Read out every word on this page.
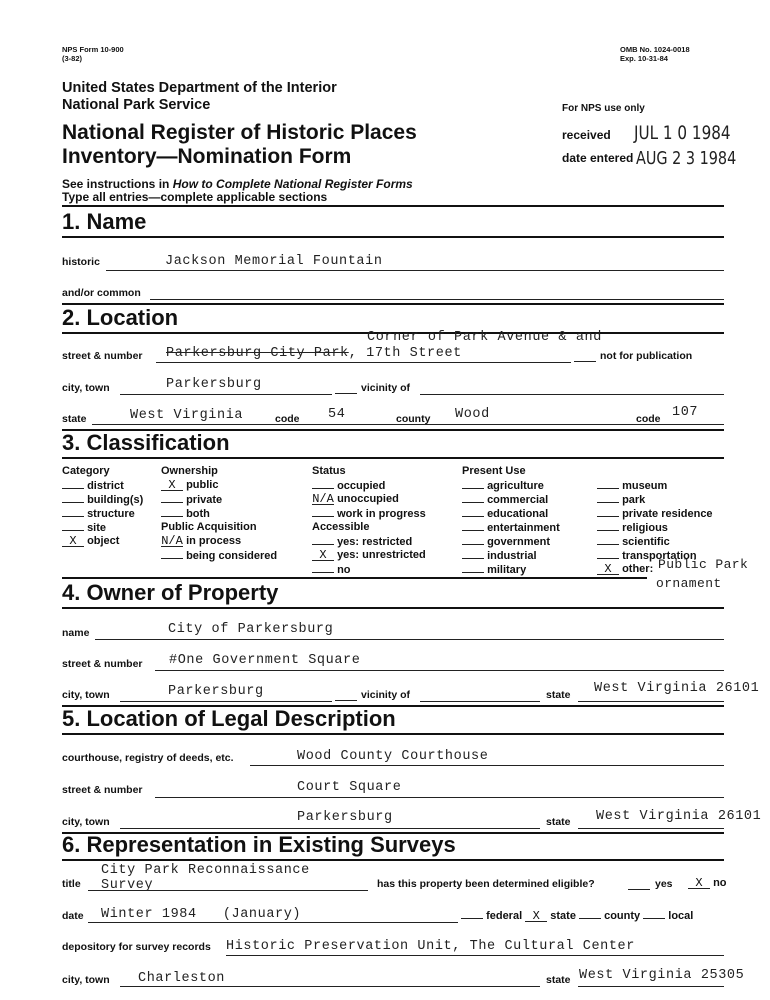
NPS Form 10-900
(3-82)
OMB No. 1024-0018
Exp. 10-31-84
United States Department of the Interior
National Park Service
National Register of Historic Places
Inventory—Nomination Form
For NPS use only
received JUL 1 0 1984
date entered AUG 2 3 1984
See instructions in How to Complete National Register Forms
Type all entries—complete applicable sections
1. Name
historic	Jackson Memorial Fountain
and/or common
2. Location
street & number
Corner of Park Avenue & and
Parkersburg City Park, 17th Street	not for publication
city, town	Parkersburg	vicinity of
state	West Virginia	code 54	county Wood	code 107
3. Classification
Category
district
building(s)
structure
site
X object
Ownership
X public
private
both
Public Acquisition
N/A in process
being considered
Status
occupied
N/A unoccupied
work in progress
Accessible
yes: restricted
X yes: unrestricted
no
Present Use
agriculture
commercial
educational
entertainment
government
industrial
military
museum
park
private residence
religious
scientific
transportation
X other: Public Park
ornament
4. Owner of Property
name	City of Parkersburg
street & number #One Government Square
city, town	Parkersburg	vicinity of	state West Virginia 26101
5. Location of Legal Description
courthouse, registry of deeds, etc.	Wood County Courthouse
street & number	Court Square
city, town	Parkersburg	state West Virginia 26101
6. Representation in Existing Surveys
title
City Park Reconnaissance
Survey	has this property been determined eligible?	yes	X no
date Winter 1984   (January)	federal X state	county	local
depository for survey records Historic Preservation Unit, The Cultural Center
city, town Charleston	state West Virginia 25305
